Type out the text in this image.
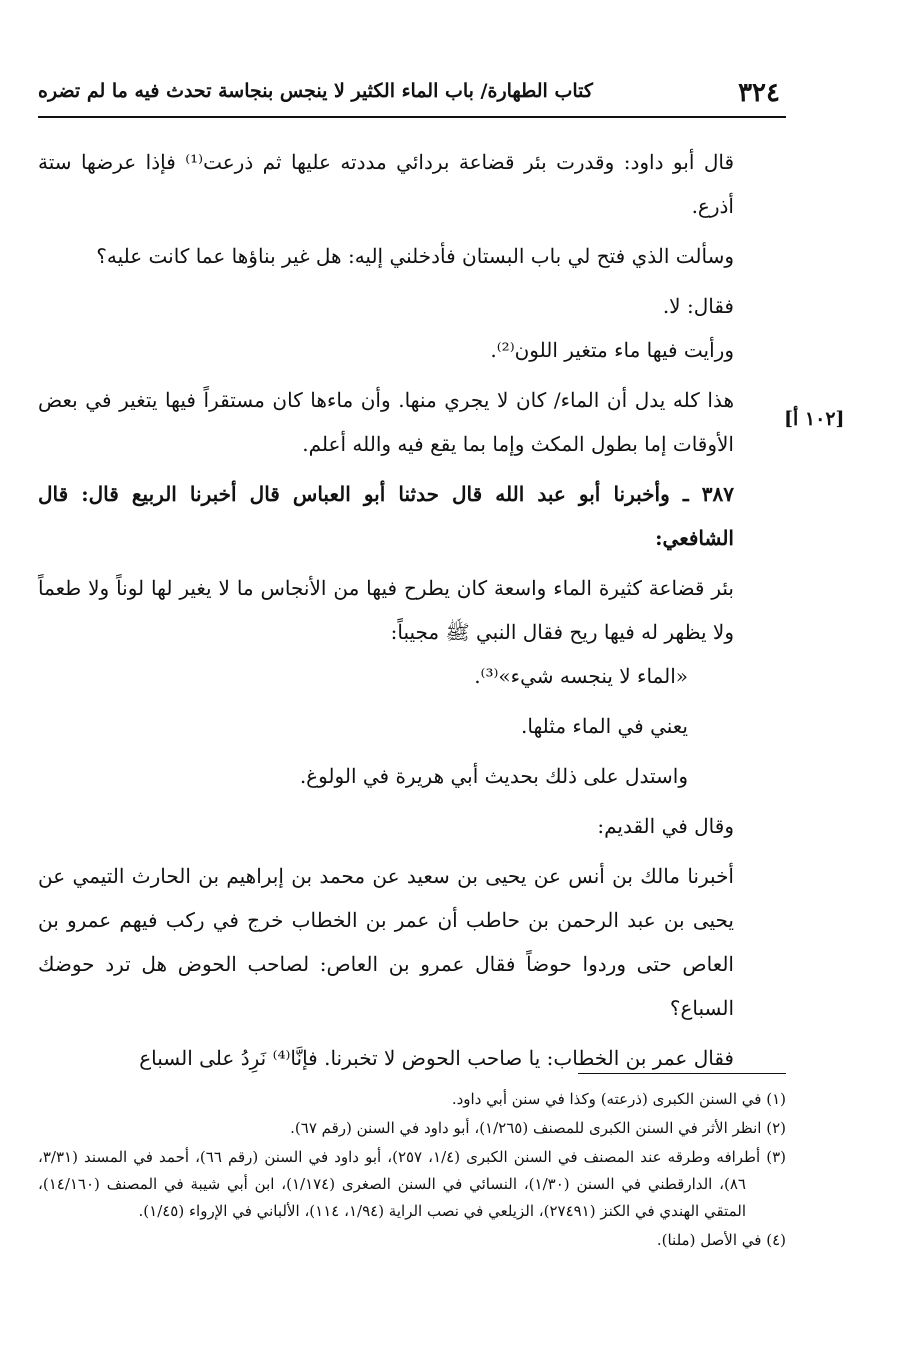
٣٢٤
كتاب الطهارة/ باب الماء الكثير لا ينجس بنجاسة تحدث فيه ما لم تضره
[١٠٢ أ]

قال أبو داود: وقدرت بئر قضاعة بردائي مددته عليها ثم ذرعت⁽¹⁾ فإذا عرضها ستة أذرع.

وسألت الذي فتح لي باب البستان فأدخلني إليه: هل غير بناؤها عما كانت عليه؟

فقال: لا.

ورأيت فيها ماء متغير اللون⁽²⁾.

هذا كله يدل أن الماء/ كان لا يجري منها. وأن ماءها كان مستقراً فيها يتغير في بعض الأوقات إما بطول المكث وإما بما يقع فيه والله أعلم.

٣٨٧ ـ وأخبرنا أبو عبد الله قال حدثنا أبو العباس قال أخبرنا الربيع قال: قال الشافعي:

بئر قضاعة كثيرة الماء واسعة كان يطرح فيها من الأنجاس ما لا يغير لها لوناً ولا طعماً ولا يظهر له فيها ريح فقال النبي ﷺ مجيباً:

«الماء لا ينجسه شيء»⁽³⁾.

يعني في الماء مثلها.

واستدل على ذلك بحديث أبي هريرة في الولوغ.

وقال في القديم:

أخبرنا مالك بن أنس عن يحيى بن سعيد عن محمد بن إبراهيم بن الحارث التيمي عن يحيى بن عبد الرحمن بن حاطب أن عمر بن الخطاب خرج في ركب فيهم عمرو بن العاص حتى وردوا حوضاً فقال عمرو بن العاص: لصاحب الحوض هل ترد حوضك السباع؟

فقال عمر بن الخطاب: يا صاحب الحوض لا تخبرنا. فإنَّا⁽⁴⁾ نَرِدُ على السباع

(١) في السنن الكبرى (ذرعته) وكذا في سنن أبي داود.

(٢) انظر الأثر في السنن الكبرى للمصنف (١/٢٦٥)، أبو داود في السنن (رقم ٦٧).

(٣) أطرافه وطرقه عند المصنف في السنن الكبرى (١/٤، ٢٥٧)، أبو داود في السنن (رقم ٦٦)، أحمد في المسند (٣/٣١، ٨٦)، الدارقطني في السنن (١/٣٠)، النسائي في السنن الصغرى (١/١٧٤)، ابن أبي شيبة في المصنف (١٤/١٦٠)، المتقي الهندي في الكنز (٢٧٤٩١)، الزيلعي في نصب الراية (١/٩٤، ١١٤)، الألباني في الإرواء (١/٤٥).

(٤) في الأصل (ملنا).
